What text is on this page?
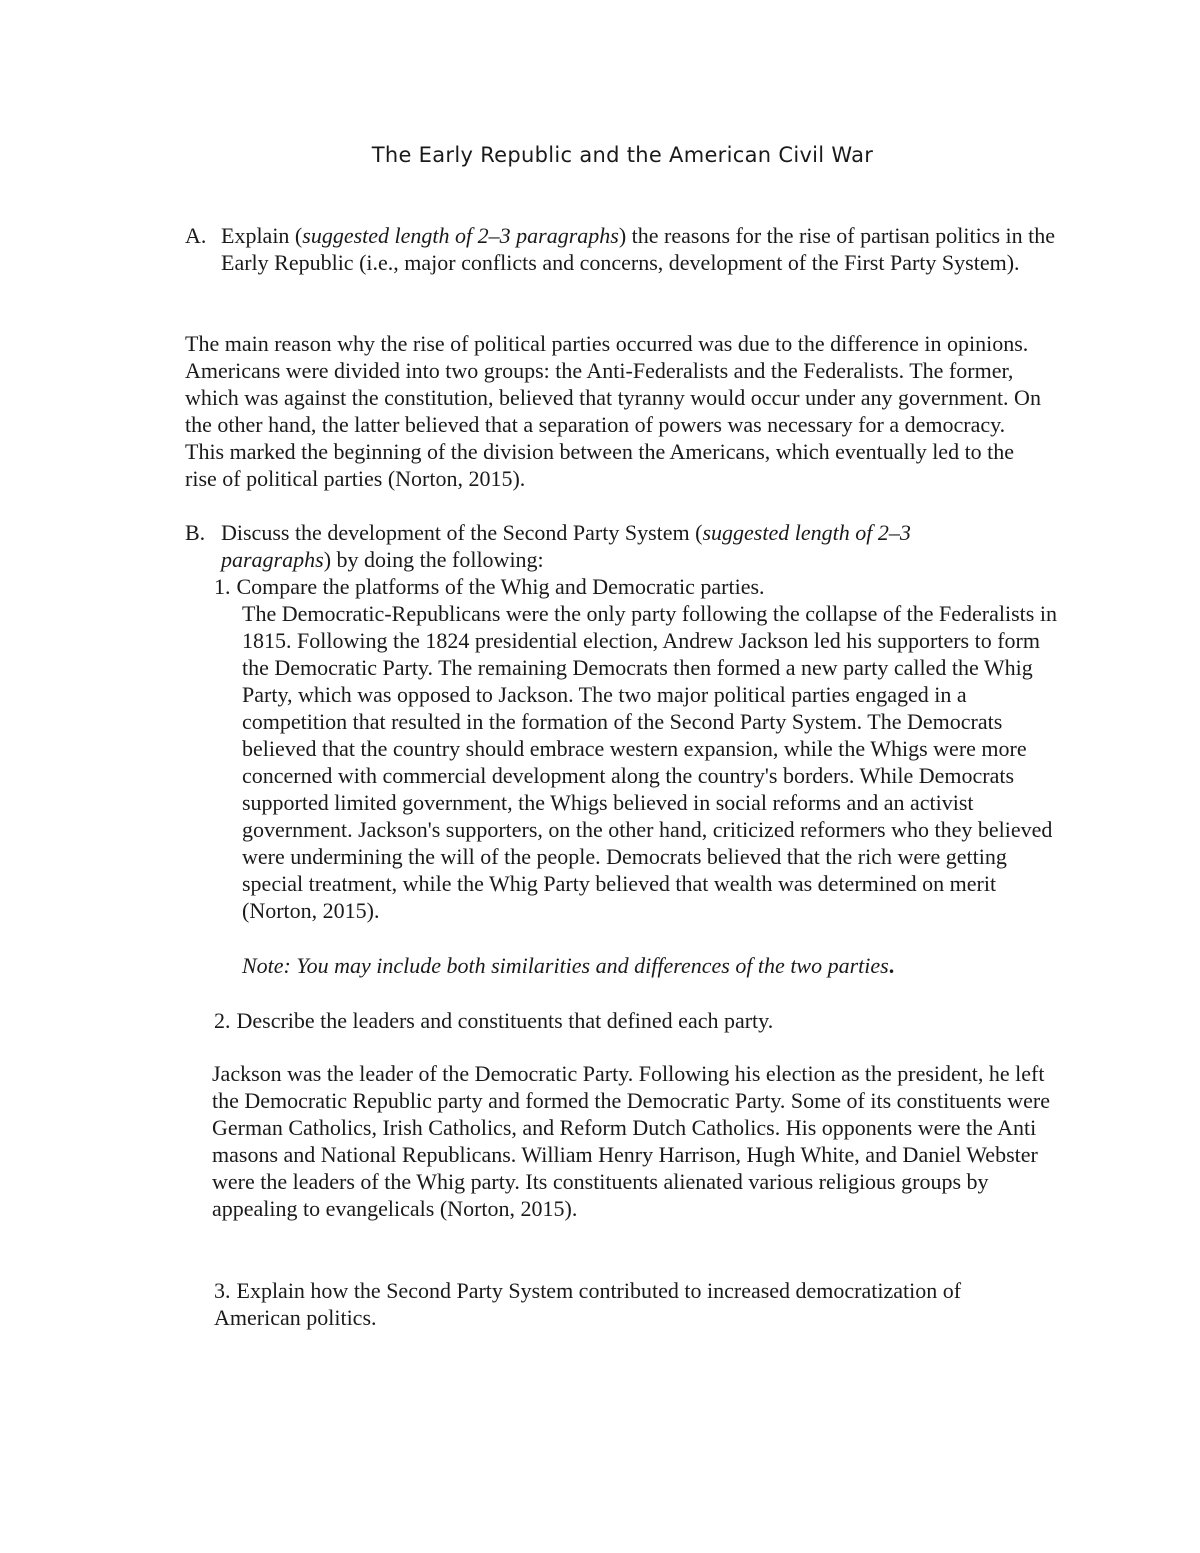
The Early Republic and the American Civil War
A. Explain (suggested length of 2–3 paragraphs) the reasons for the rise of partisan politics in the Early Republic (i.e., major conflicts and concerns, development of the First Party System).

The main reason why the rise of political parties occurred was due to the difference in opinions. Americans were divided into two groups: the Anti-Federalists and the Federalists. The former, which was against the constitution, believed that tyranny would occur under any government. On the other hand, the latter believed that a separation of powers was necessary for a democracy. This marked the beginning of the division between the Americans, which eventually led to the rise of political parties (Norton, 2015).

B. Discuss the development of the Second Party System (suggested length of 2–3 paragraphs) by doing the following:
1. Compare the platforms of the Whig and Democratic parties.

The Democratic-Republicans were the only party following the collapse of the Federalists in 1815. Following the 1824 presidential election, Andrew Jackson led his supporters to form the Democratic Party. The remaining Democrats then formed a new party called the Whig Party, which was opposed to Jackson. The two major political parties engaged in a competition that resulted in the formation of the Second Party System. The Democrats believed that the country should embrace western expansion, while the Whigs were more concerned with commercial development along the country's borders. While Democrats supported limited government, the Whigs believed in social reforms and an activist government. Jackson's supporters, on the other hand, criticized reformers who they believed were undermining the will of the people. Democrats believed that the rich were getting special treatment, while the Whig Party believed that wealth was determined on merit (Norton, 2015).

Note: You may include both similarities and differences of the two parties.
2. Describe the leaders and constituents that defined each party.

Jackson was the leader of the Democratic Party. Following his election as the president, he left the Democratic Republic party and formed the Democratic Party. Some of its constituents were German Catholics, Irish Catholics, and Reform Dutch Catholics. His opponents were the Anti masons and National Republicans. William Henry Harrison, Hugh White, and Daniel Webster were the leaders of the Whig party. Its constituents alienated various religious groups by appealing to evangelicals (Norton, 2015).

3. Explain how the Second Party System contributed to increased democratization of American politics.
